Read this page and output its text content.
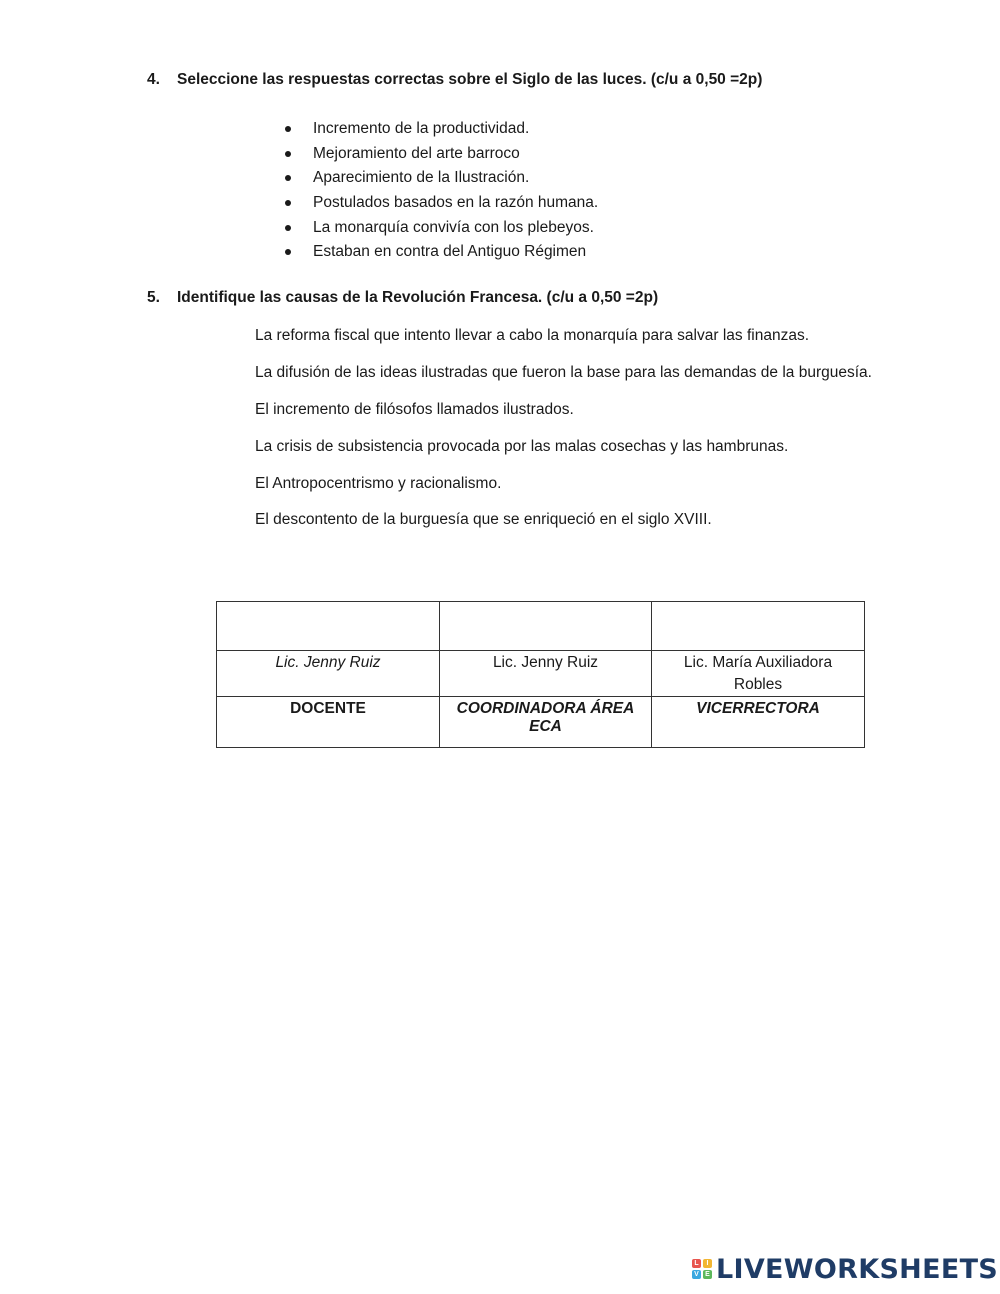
4. Seleccione las respuestas correctas sobre el Siglo de las luces. (c/u a 0,50 =2p)
Incremento de la productividad.
Mejoramiento del arte barroco
Aparecimiento de la Ilustración.
Postulados basados en la razón humana.
La monarquía convivía con los plebeyos.
Estaban en contra del Antiguo Régimen
5. Identifique las causas de la Revolución Francesa. (c/u a 0,50 =2p)
La reforma fiscal que intento llevar a cabo la monarquía para salvar las finanzas.
La difusión de las ideas ilustradas que fueron la base para las demandas de la burguesía.
El incremento de filósofos llamados ilustrados.
La crisis de subsistencia provocada por las malas cosechas y las hambrunas.
El Antropocentrismo y racionalismo.
El descontento de la burguesía que se enriqueció en el siglo XVIII.

Lic. Jenny Ruiz	Lic. Jenny Ruiz	Lic. María Auxiliadora Robles
DOCENTE	COORDINADORA ÁREA ECA	VICERRECTORA
L	I
V E LIVEWORKSHEETS
